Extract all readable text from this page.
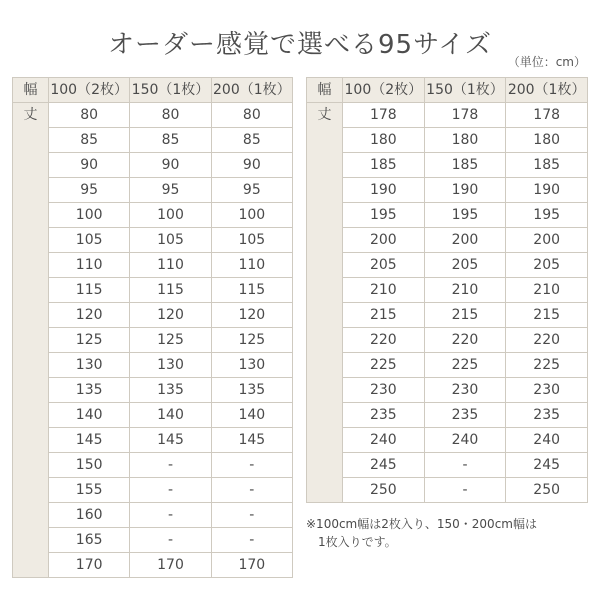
オーダー感覚で選べる95サイズ
（単位：cm）
幅	100（2枚）	150（1枚）	200（1枚）
丈	80	80	80
	85	85	85
	90	90	90
	95	95	95
	100	100	100
	105	105	105
	110	110	110
	115	115	115
	120	120	120
	125	125	125
	130	130	130
	135	135	135
	140	140	140
	145	145	145
	150	-	-
	155	-	-
	160	-	-
	165	-	-
	170	170	170
幅	100（2枚）	150（1枚）	200（1枚）
丈	178	178	178
	180	180	180
	185	185	185
	190	190	190
	195	195	195
	200	200	200
	205	205	205
	210	210	210
	215	215	215
	220	220	220
	225	225	225
	230	230	230
	235	235	235
	240	240	240
	245	-	245
	250	-	250
※100cm幅は2枚入り、150・200cm幅は
1枚入りです。
